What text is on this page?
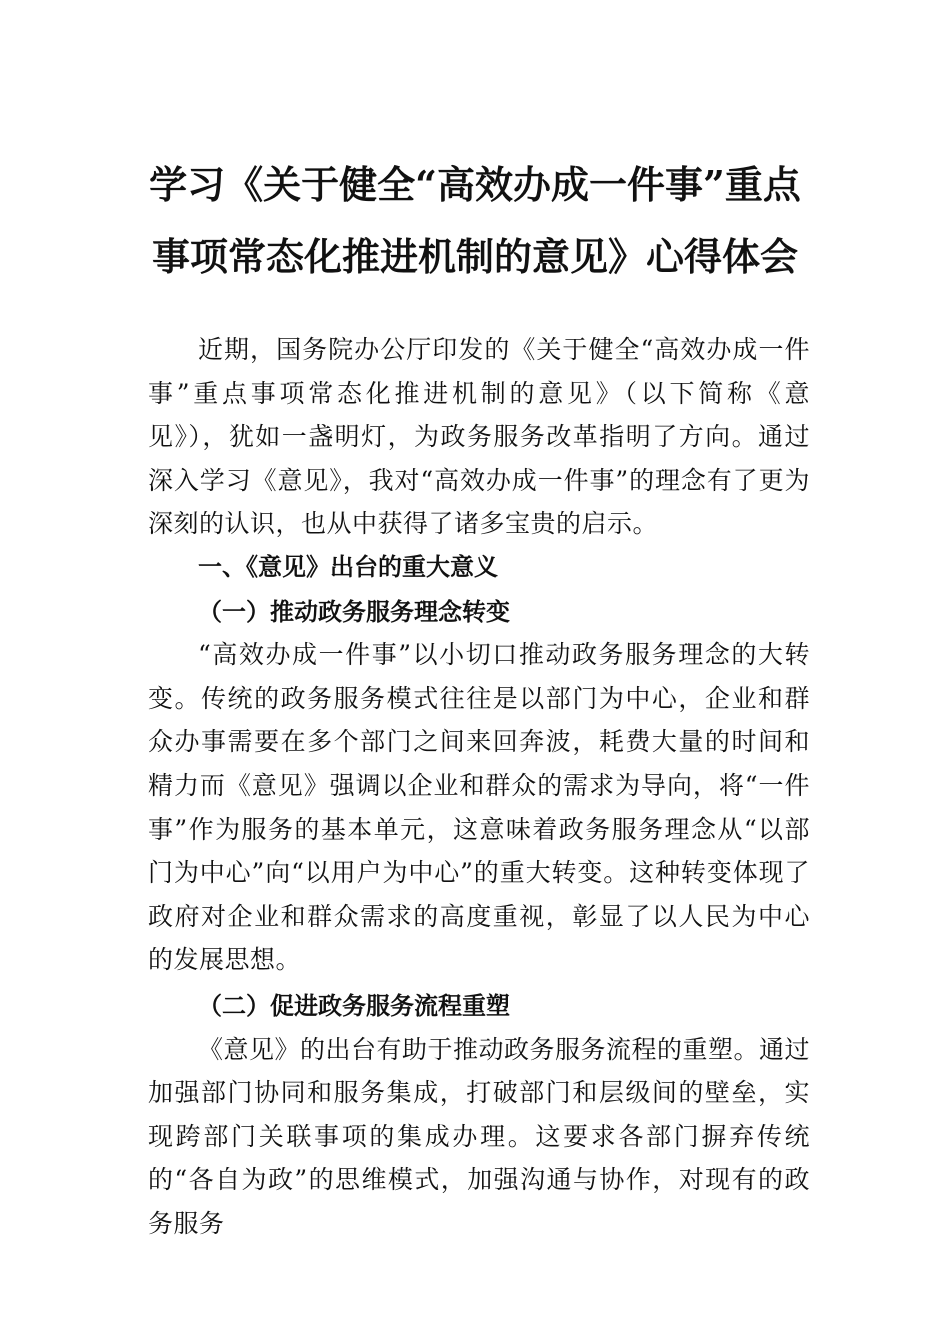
学习《关于健全“高效办成一件事”重点
事项常态化推进机制的意见》心得体会

近期，国务院办公厅印发的《关于健全“高效办成一件事”重点事项常态化推进机制的意见》（以下简称《意见》），犹如一盏明灯，为政务服务改革指明了方向。通过深入学习《意见》，我对“高效办成一件事”的理念有了更为深刻的认识，也从中获得了诸多宝贵的启示。

一、《意见》出台的重大意义

（一）推动政务服务理念转变

“高效办成一件事”以小切口推动政务服务理念的大转变。传统的政务服务模式往往是以部门为中心，企业和群众办事需要在多个部门之间来回奔波，耗费大量的时间和精力而《意见》强调以企业和群众的需求为导向，将“一件事”作为服务的基本单元，这意味着政务服务理念从“以部门为中心”向“以用户为中心”的重大转变。这种转变体现了政府对企业和群众需求的高度重视，彰显了以人民为中心的发展思想。

（二）促进政务服务流程重塑

《意见》的出台有助于推动政务服务流程的重塑。通过加强部门协同和服务集成，打破部门和层级间的壁垒，实现跨部门关联事项的集成办理。这要求各部门摒弃传统的“各自为政”的思维模式，加强沟通与协作，对现有的政务服务
